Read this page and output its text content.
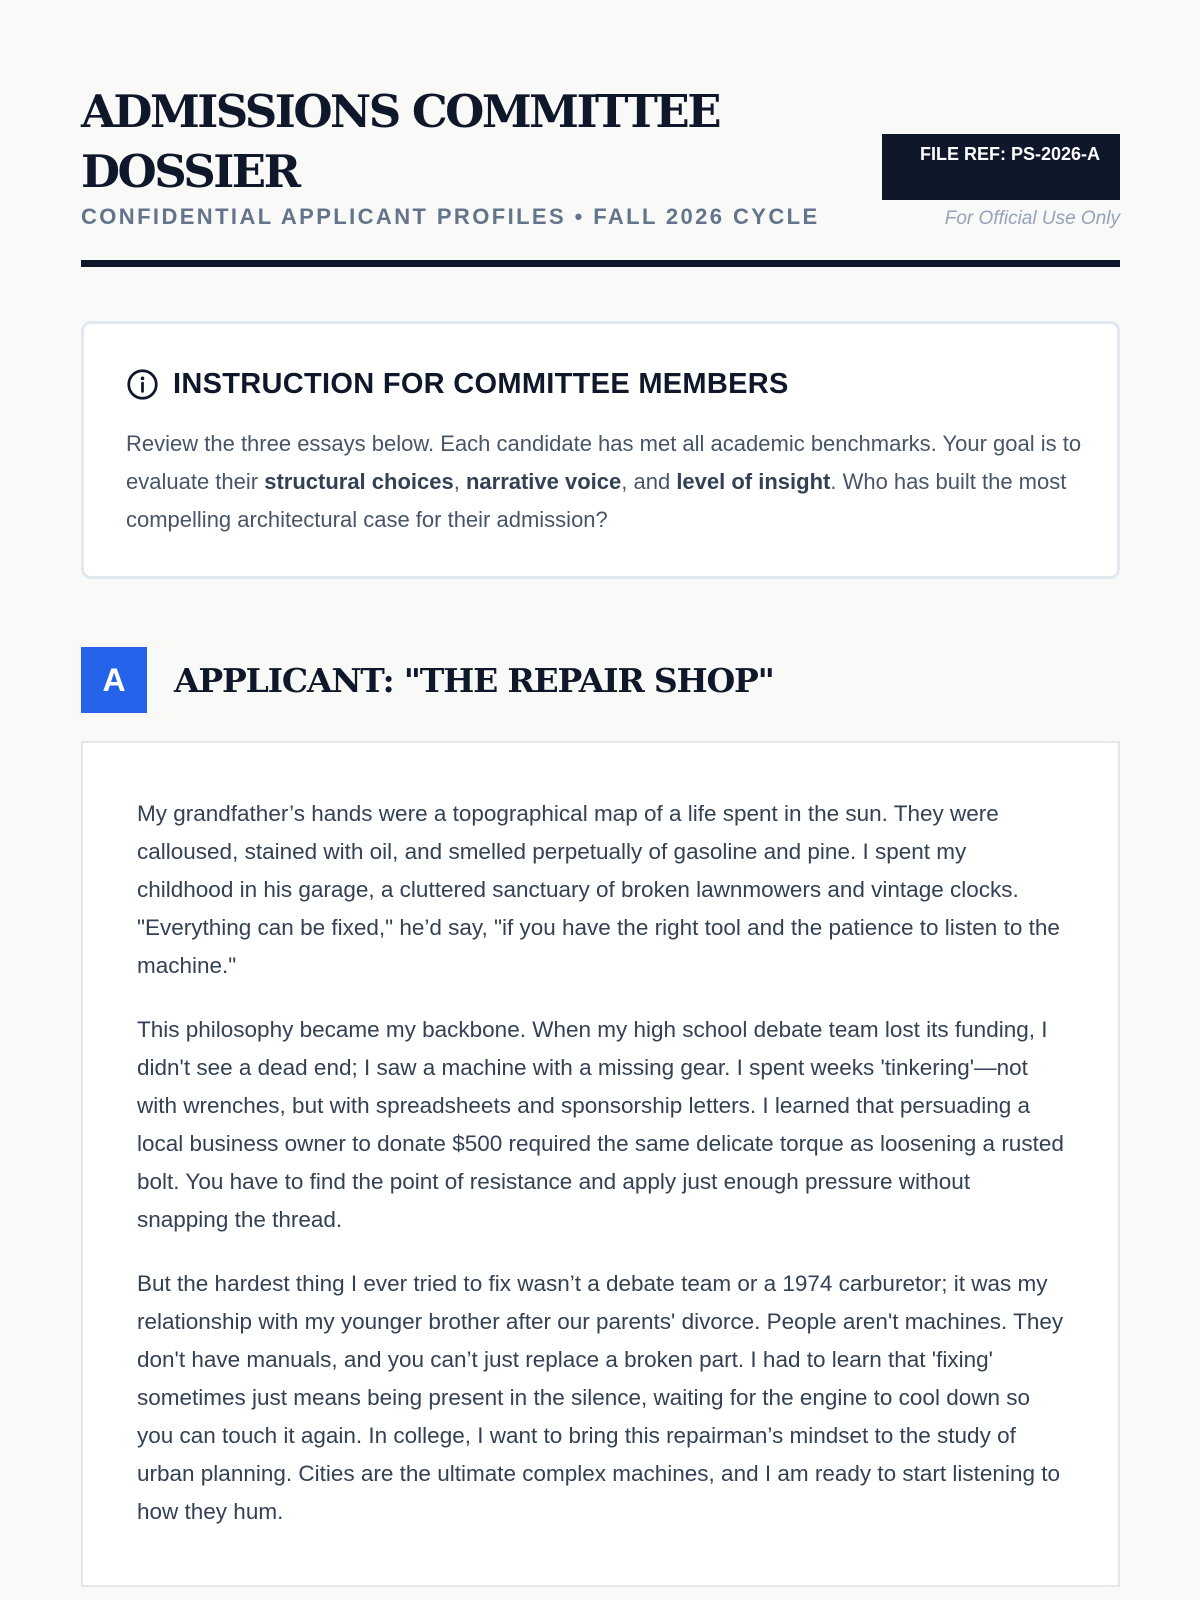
ADMISSIONS COMMITTEE DOSSIER
CONFIDENTIAL APPLICANT PROFILES • FALL 2026 CYCLE
FILE REF: PS-2026-A
For Official Use Only
INSTRUCTION FOR COMMITTEE MEMBERS
Review the three essays below. Each candidate has met all academic benchmarks. Your goal is to evaluate their structural choices, narrative voice, and level of insight. Who has built the most compelling architectural case for their admission?
A	APPLICANT: "THE REPAIR SHOP"

My grandfather’s hands were a topographical map of a life spent in the sun. They were calloused, stained with oil, and smelled perpetually of gasoline and pine. I spent my childhood in his garage, a cluttered sanctuary of broken lawnmowers and vintage clocks. "Everything can be fixed," he’d say, "if you have the right tool and the patience to listen to the machine."

This philosophy became my backbone. When my high school debate team lost its funding, I didn't see a dead end; I saw a machine with a missing gear. I spent weeks 'tinkering'—not with wrenches, but with spreadsheets and sponsorship letters. I learned that persuading a local business owner to donate $500 required the same delicate torque as loosening a rusted bolt. You have to find the point of resistance and apply just enough pressure without snapping the thread.

But the hardest thing I ever tried to fix wasn’t a debate team or a 1974 carburetor; it was my relationship with my younger brother after our parents' divorce. People aren't machines. They don't have manuals, and you can’t just replace a broken part. I had to learn that 'fixing' sometimes just means being present in the silence, waiting for the engine to cool down so you can touch it again. In college, I want to bring this repairman’s mindset to the study of urban planning. Cities are the ultimate complex machines, and I am ready to start listening to how they hum.
